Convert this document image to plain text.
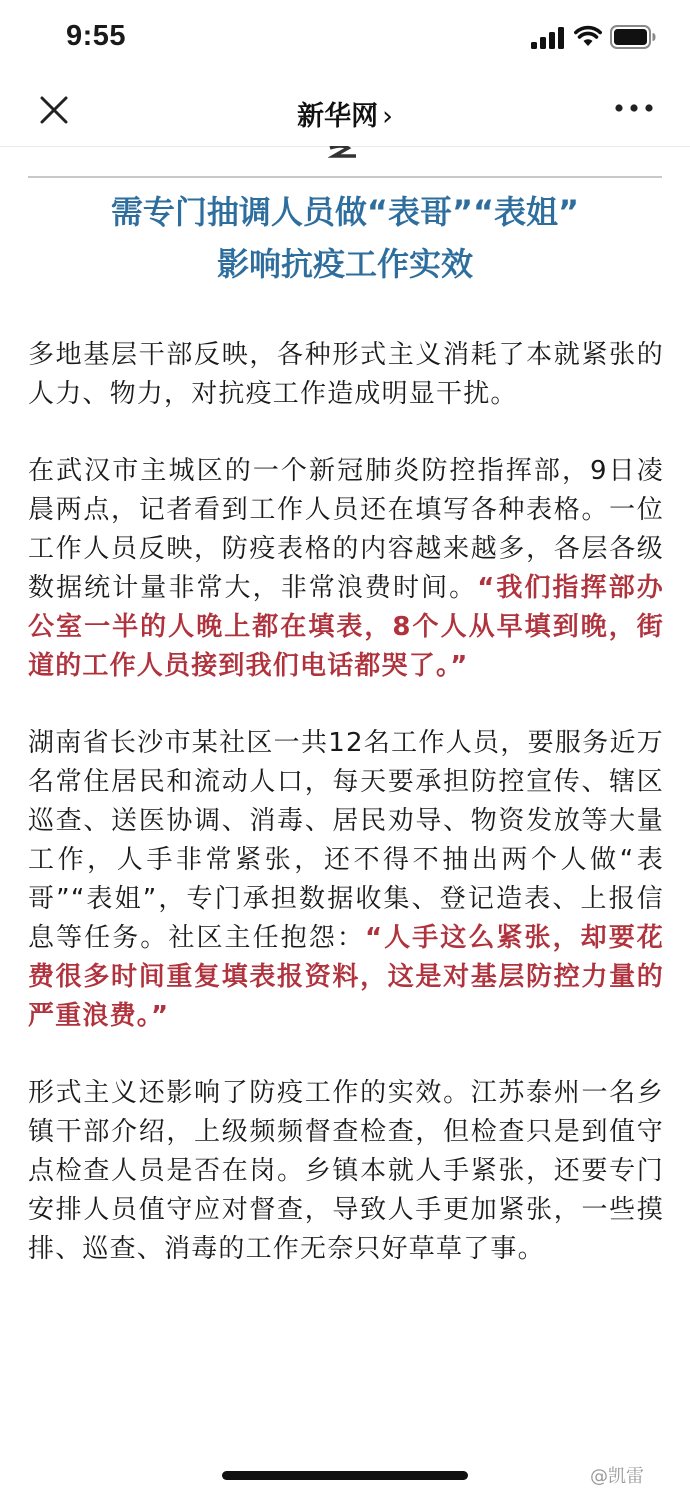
9:55
新华网 ›
需专门抽调人员做“表哥”“表姐”
影响抗疫工作实效

多地基层干部反映，各种形式主义消耗了本就紧张的人力、物力，对抗疫工作造成明显干扰。

在武汉市主城区的一个新冠肺炎防控指挥部，9日凌晨两点，记者看到工作人员还在填写各种表格。一位工作人员反映，防疫表格的内容越来越多，各层各级数据统计量非常大，非常浪费时间。“我们指挥部办公室一半的人晚上都在填表，8个人从早填到晚，街道的工作人员接到我们电话都哭了。”

湖南省长沙市某社区一共12名工作人员，要服务近万名常住居民和流动人口，每天要承担防控宣传、辖区巡查、送医协调、消毒、居民劝导、物资发放等大量工作，人手非常紧张，还不得不抽出两个人做“表哥”“表姐”，专门承担数据收集、登记造表、上报信息等任务。社区主任抱怨：“人手这么紧张，却要花费很多时间重复填表报资料，这是对基层防控力量的严重浪费。”

形式主义还影响了防疫工作的实效。江苏泰州一名乡镇干部介绍，上级频频督查检查，但检查只是到值守点检查人员是否在岗。乡镇本就人手紧张，还要专门安排人员值守应对督查，导致人手更加紧张，一些摸排、巡查、消毒的工作无奈只好草草了事。

@凯雷
